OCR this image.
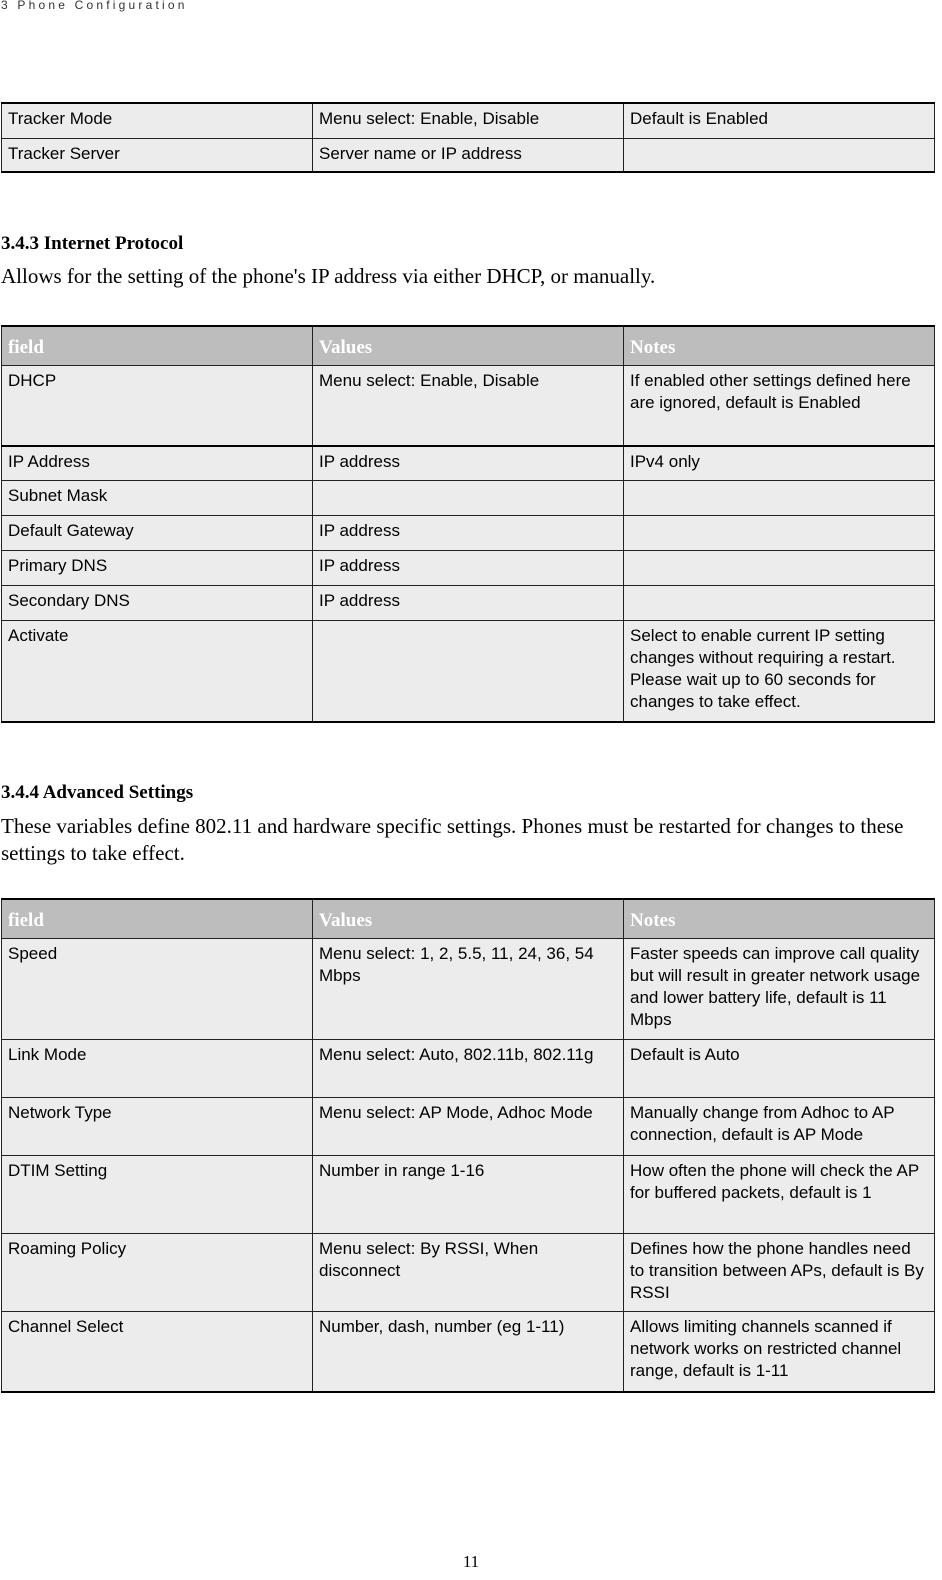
3 Phone Configuration
Tracker Mode	Menu select: Enable, Disable	Default is Enabled
Tracker Server	Server name or IP address	
3.4.3 Internet Protocol
Allows for the setting of the phone's IP address via either DHCP, or manually.
field	Values	Notes
DHCP	Menu select: Enable, Disable	If enabled other settings defined here are ignored, default is Enabled
IP Address	IP address	IPv4 only
Subnet Mask		
Default Gateway	IP address	
Primary DNS	IP address	
Secondary DNS	IP address	
Activate		Select to enable current IP setting changes without requiring a restart. Please wait up to 60 seconds for changes to take effect.
3.4.4 Advanced Settings
These variables define 802.11 and hardware specific settings. Phones must be restarted for changes to these settings to take effect.
field	Values	Notes
Speed	Menu select: 1, 2, 5.5, 11, 24, 36, 54 Mbps	Faster speeds can improve call quality but will result in greater network usage and lower battery life, default is 11 Mbps
Link Mode	Menu select: Auto, 802.11b, 802.11g	Default is Auto
Network Type	Menu select: AP Mode, Adhoc Mode	Manually change from Adhoc to AP connection, default is AP Mode
DTIM Setting	Number in range 1-16	How often the phone will check the AP for buffered packets, default is 1
Roaming Policy	Menu select: By RSSI, When disconnect	Defines how the phone handles need to transition between APs, default is By RSSI
Channel Select	Number, dash, number (eg 1-11)	Allows limiting channels scanned if network works on restricted channel range, default is 1-11
11
